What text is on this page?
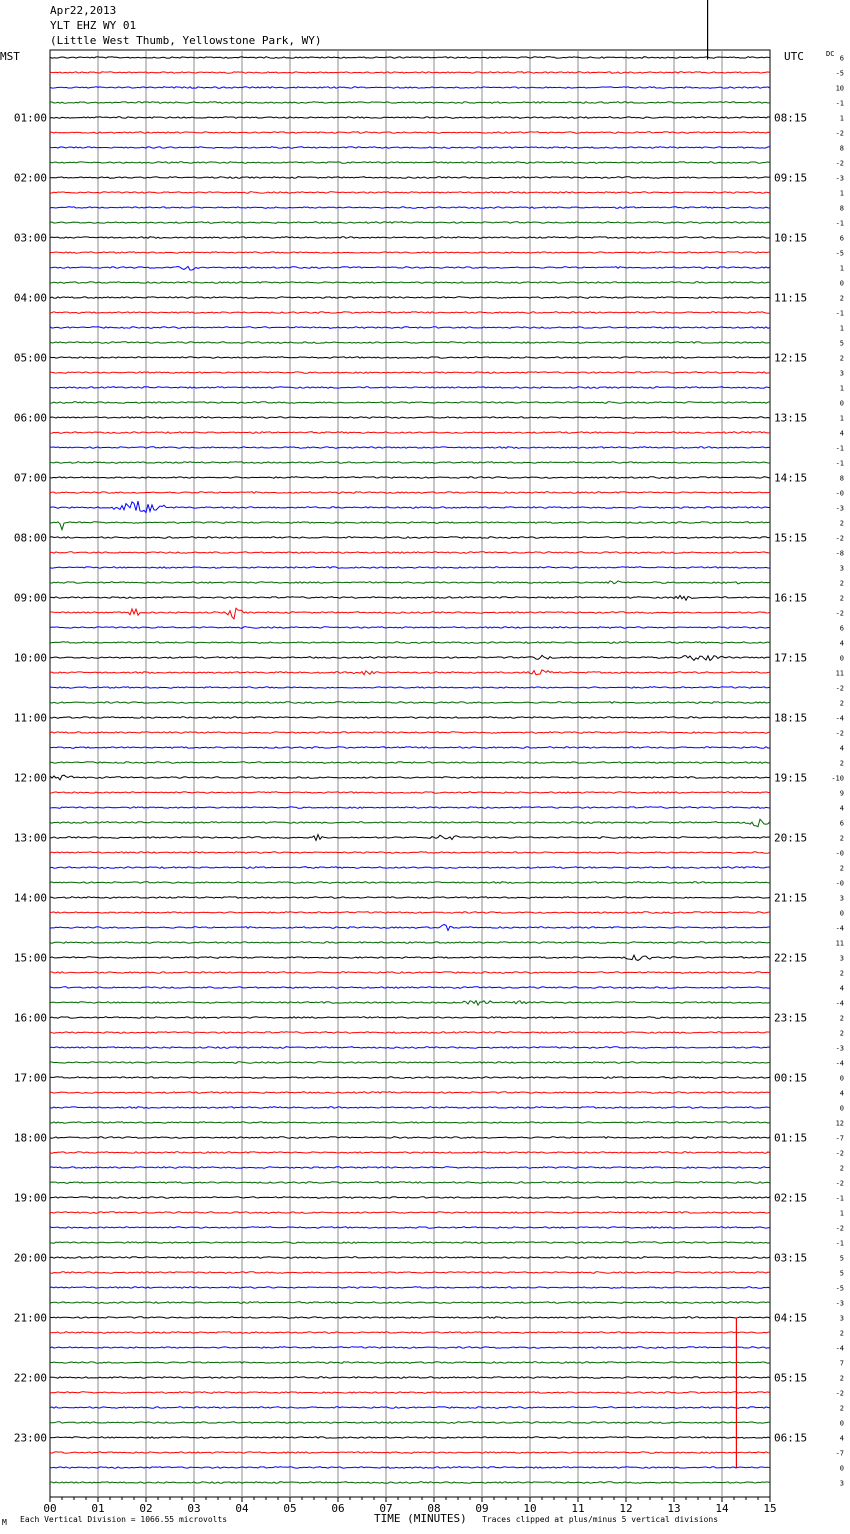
00	01	02	03	04	05	06	07	08	09	10	11	12	13	14	15
6
-5
10
-1
1
-2
8
-2
-3
1
8
-1
6
-5
1
0
2
-1
1
5
2
3
1
0
1
4
-1
-1
8
-0
-3
2
-2
-8
3
2
2
-2
6
4
0
11
-2
2
-4
-2
4
2
-10
9
4
6
2
-0
2
-0
3
0
-4
11
3
2
4
-4
2
2
-3
-4
0
4
0
12
-7
-2
2
-2
-1
1
-2
-1
5
5
-5
-3
3
2
-4
7
2
-2
2
0
4
-7
0
3
01:00
02:00
03:00
04:00
05:00
06:00
07:00
08:00
09:00
10:00
11:00
12:00
13:00
14:00
15:00
16:00
17:00
18:00
19:00
20:00
21:00
22:00
23:00
08:15
09:15
10:15
11:15
12:15
13:15
14:15
15:15
16:15
17:15
18:15
19:15
20:15
21:15
22:15
23:15
00:15
01:15
02:15
03:15
04:15
05:15
06:15
Apr22,2013
YLT EHZ WY 01
(Little West Thumb, Yellowstone Park, WY)
MST	UTC	DC
M Each Vertical Division = 1066.55 microvolts	TIME (MINUTES) Traces clipped at plus/minus 5 vertical divisions
